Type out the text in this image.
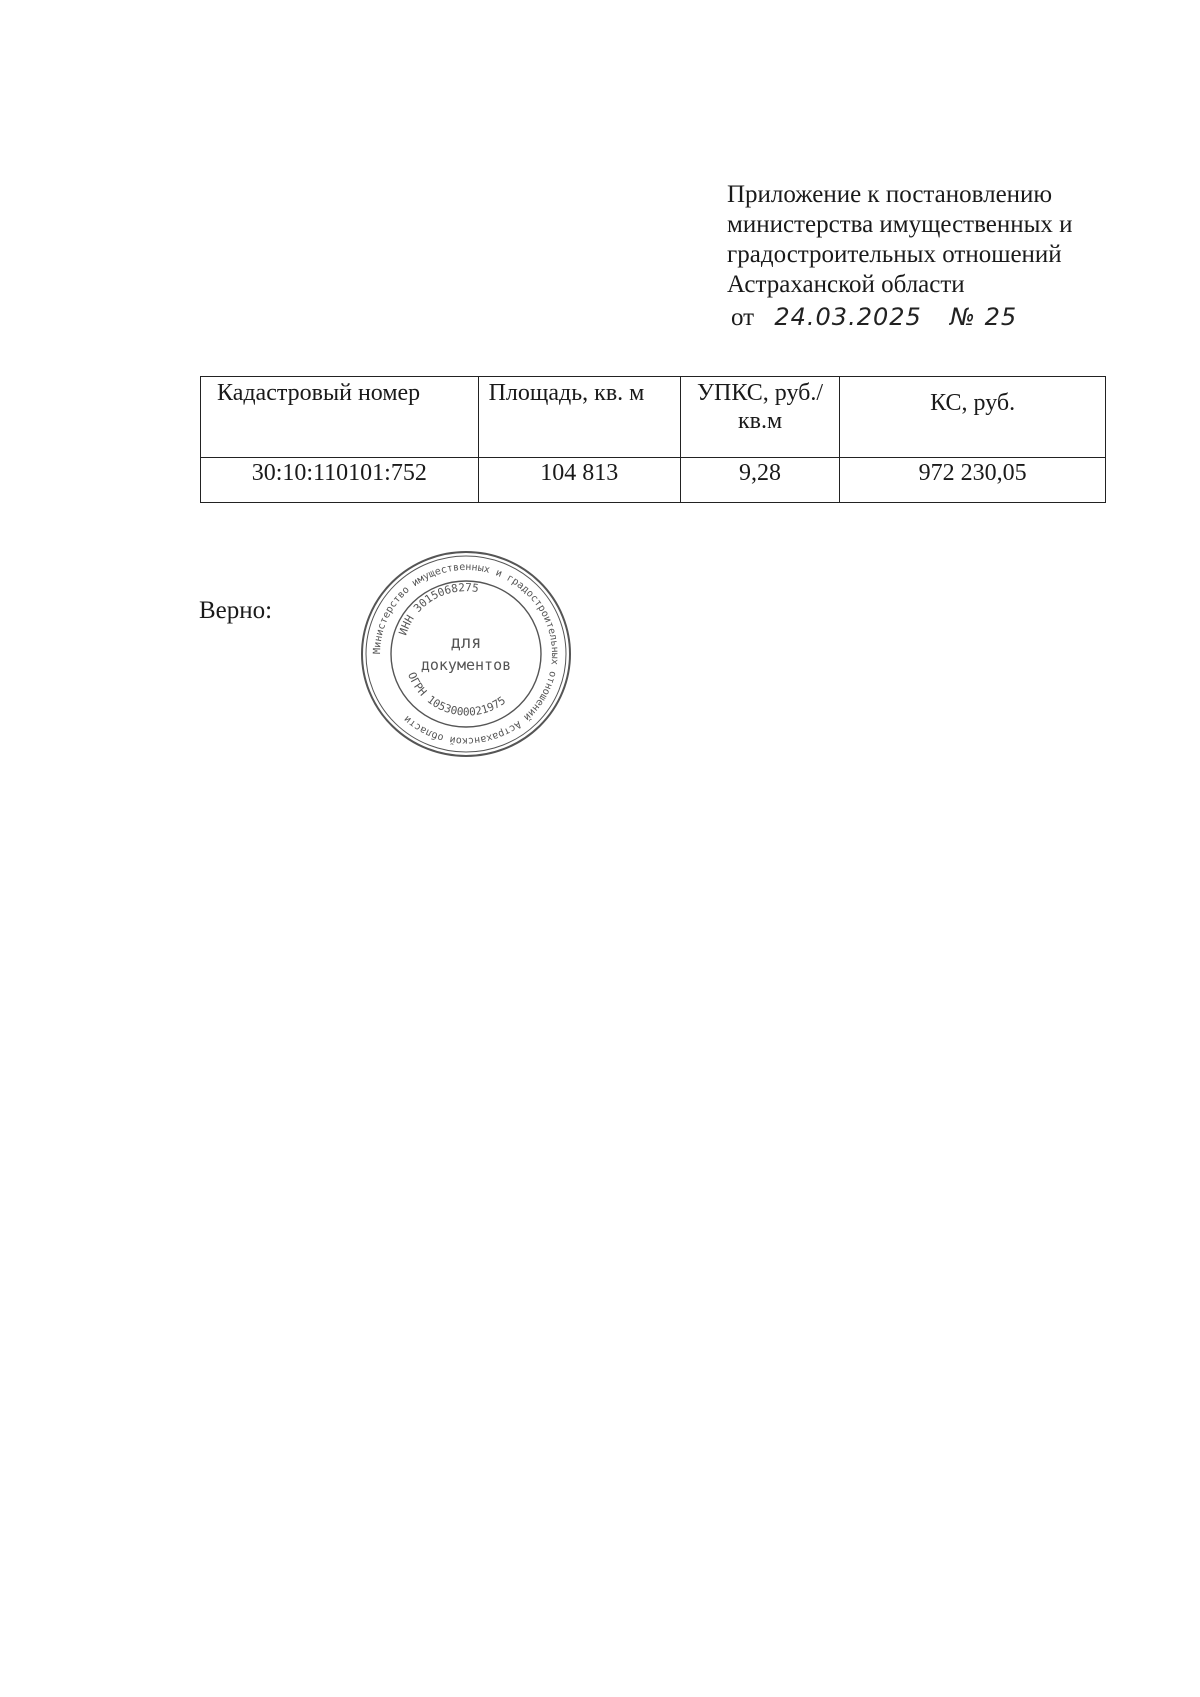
Приложение к постановлению
министерства имущественных и
градостроительных отношений
Астраханской области
от 24.03.2025 № 25
Кадастровый номер	Площадь, кв. м	УПКС, руб./кв.м	КС, руб.
30:10:110101:752	104 813	9,28	972 230,05
Верно:
Министерство имущественных и градостроительных отношений Астраханской области
ИНН 3015068275
для
документов
ОГРН 1053000021975
